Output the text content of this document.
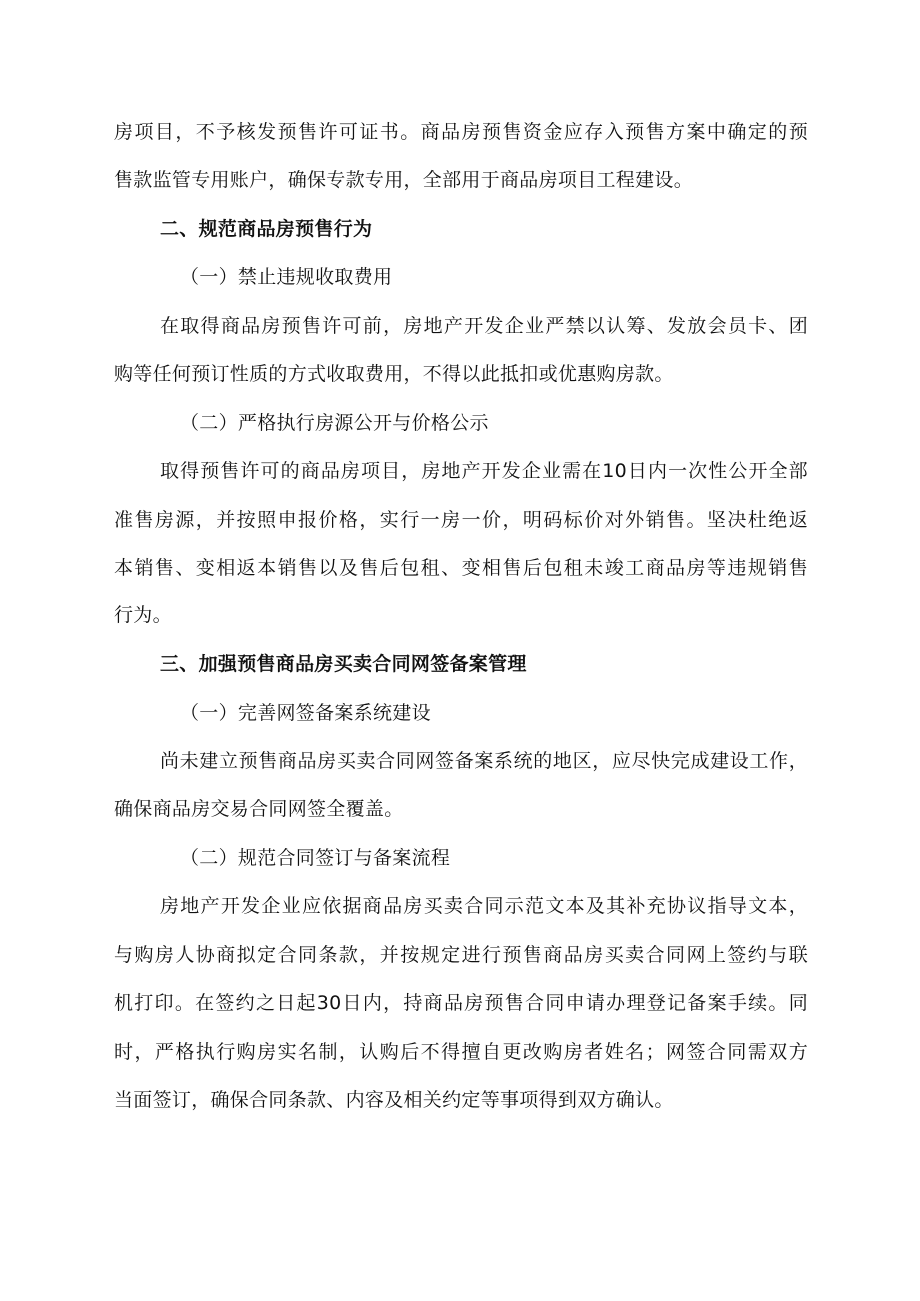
房项目，不予核发预售许可证书。商品房预售资金应存入预售方案中确定的预

售款监管专用账户，确保专款专用，全部用于商品房项目工程建设。

二、规范商品房预售行为

（一）禁止违规收取费用

在取得商品房预售许可前，房地产开发企业严禁以认筹、发放会员卡、团

购等任何预订性质的方式收取费用，不得以此抵扣或优惠购房款。

（二）严格执行房源公开与价格公示

取得预售许可的商品房项目，房地产开发企业需在10日内一次性公开全部

准售房源，并按照申报价格，实行一房一价，明码标价对外销售。坚决杜绝返

本销售、变相返本销售以及售后包租、变相售后包租未竣工商品房等违规销售

行为。

三、加强预售商品房买卖合同网签备案管理

（一）完善网签备案系统建设

尚未建立预售商品房买卖合同网签备案系统的地区，应尽快完成建设工作，

确保商品房交易合同网签全覆盖。

（二）规范合同签订与备案流程

房地产开发企业应依据商品房买卖合同示范文本及其补充协议指导文本，

与购房人协商拟定合同条款，并按规定进行预售商品房买卖合同网上签约与联

机打印。在签约之日起30日内，持商品房预售合同申请办理登记备案手续。同

时，严格执行购房实名制，认购后不得擅自更改购房者姓名；网签合同需双方

当面签订，确保合同条款、内容及相关约定等事项得到双方确认。
